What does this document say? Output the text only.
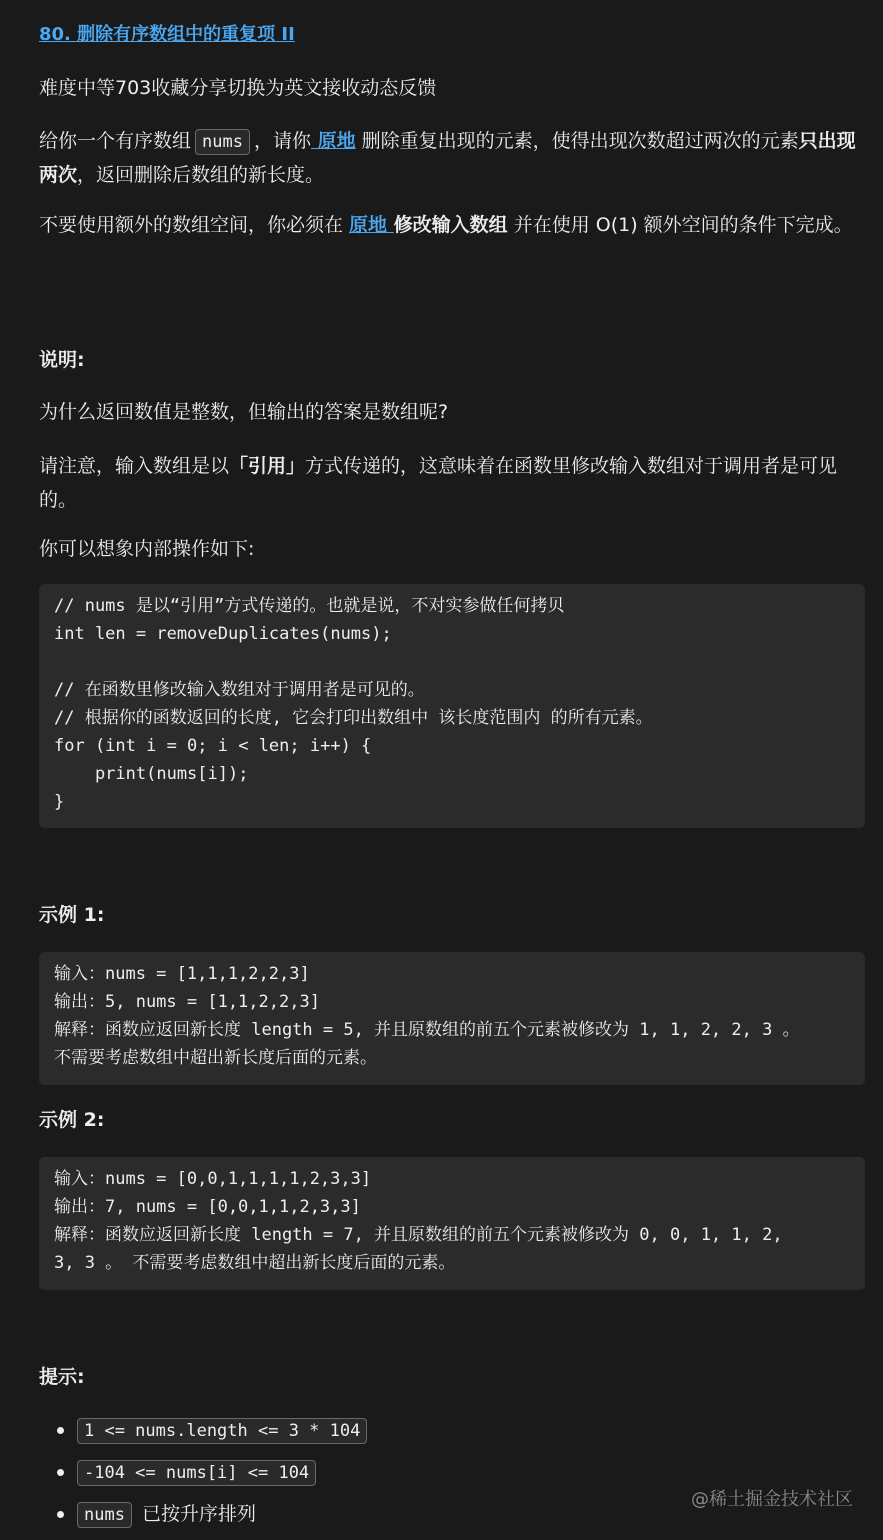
80. 删除有序数组中的重复项 II
难度中等703收藏分享切换为英文接收动态反馈
给你一个有序数组 nums ，请你 原地 删除重复出现的元素，使得出现次数超过两次的元素只出现两次，返回删除后数组的新长度。
不要使用额外的数组空间，你必须在 原地 修改输入数组 并在使用 O(1) 额外空间的条件下完成。
说明:
为什么返回数值是整数，但输出的答案是数组呢?
请注意，输入数组是以「引用」方式传递的，这意味着在函数里修改输入数组对于调用者是可见的。
你可以想象内部操作如下:
// nums 是以“引用”方式传递的。也就是说，不对实参做任何拷贝
int len = removeDuplicates(nums);
// 在函数里修改输入数组对于调用者是可见的。
// 根据你的函数返回的长度, 它会打印出数组中 该长度范围内 的所有元素。
for (int i = 0; i < len; i++) {
print(nums[i]);
}
示例 1:
输入：nums = [1,1,1,2,2,3]
输出：5, nums = [1,1,2,2,3]
解释：函数应返回新长度 length = 5, 并且原数组的前五个元素被修改为 1, 1, 2, 2, 3 。
不需要考虑数组中超出新长度后面的元素。
示例 2:
输入：nums = [0,0,1,1,1,1,2,3,3]
输出：7, nums = [0,0,1,1,2,3,3]
解释：函数应返回新长度 length = 7, 并且原数组的前五个元素被修改为 0, 0, 1, 1, 2,
3, 3 。 不需要考虑数组中超出新长度后面的元素。
提示:
1 <= nums.length <= 3 * 104
-104 <= nums[i] <= 104
nums 已按升序排列
@稀土掘金技术社区
